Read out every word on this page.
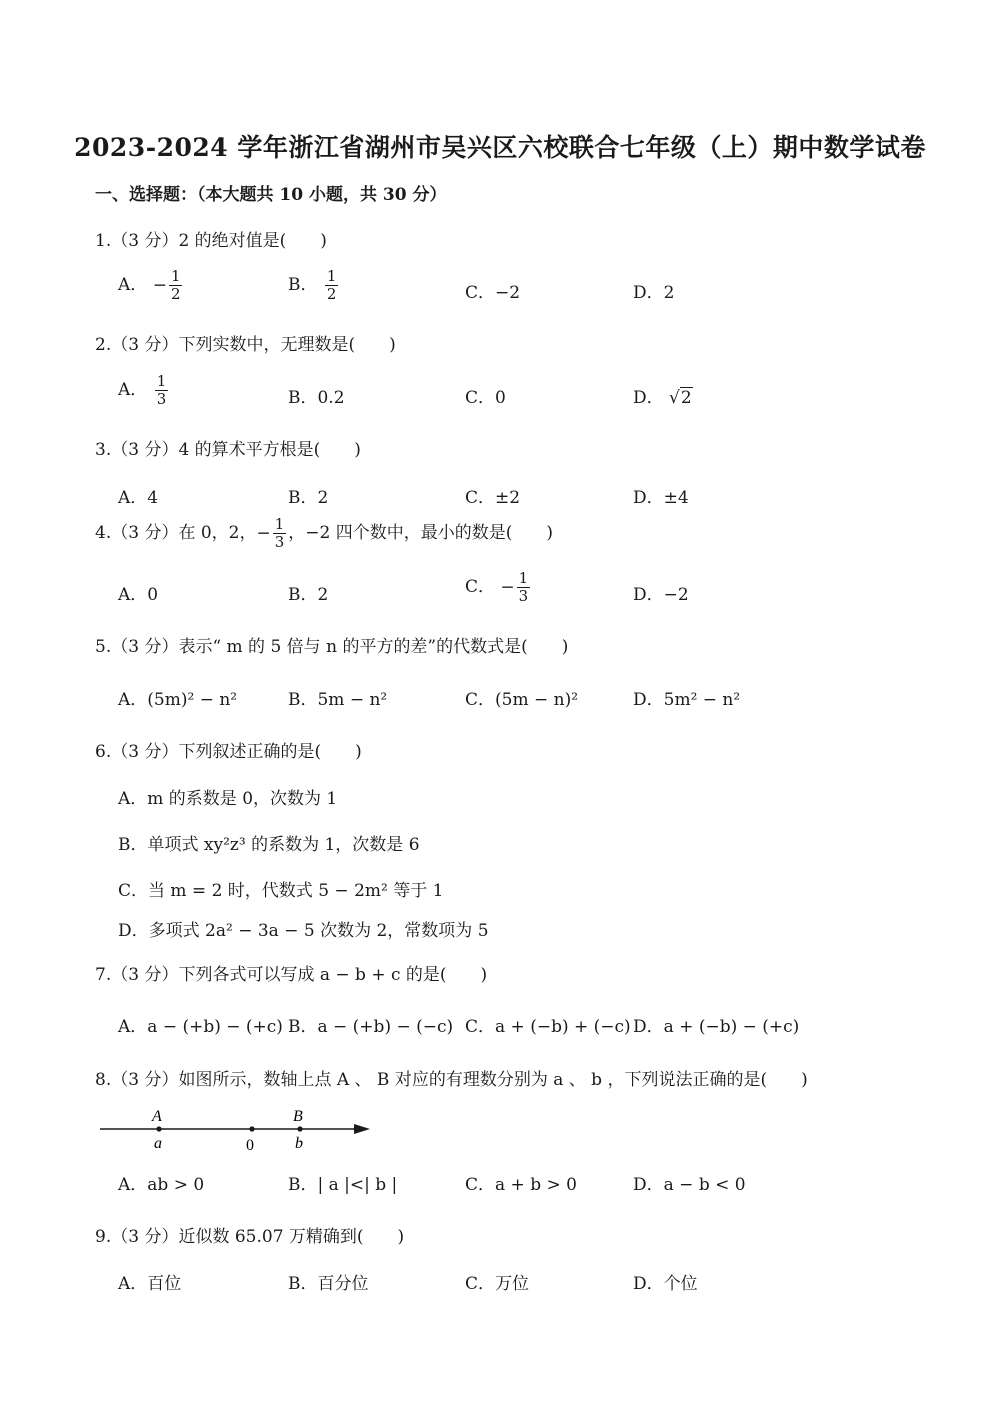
2023-2024 学年浙江省湖州市吴兴区六校联合七年级（上）期中数学试卷
一、选择题：（本大题共 10 小题，共 30 分）
1.（3 分）2 的绝对值是(　　)
A． − $\frac{1}{2}$	B． $\frac{1}{2}$	C．−2	D．2
2.（3 分）下列实数中，无理数是(　　)
A． $\frac{1}{3}$	B．0.2	C．0	D． √2
3.（3 分）4 的算术平方根是(　　)
A．4	B．2	C．±2	D．±4
4.（3 分）在 0，2，− $\frac{1}{3}$ ，−2 四个数中，最小的数是(　　)
A．0	B．2	C． − $\frac{1}{3}$	D．−2
5.（3 分）表示“ m 的 5 倍与 n 的平方的差”的代数式是(　　)
A．(5m)² − n²	B．5m − n²	C．(5m − n)²	D．5m² − n²
6.（3 分）下列叙述正确的是(　　)
A．m 的系数是 0，次数为 1
B．单项式 xy²z³ 的系数为 1，次数是 6
C．当 m = 2 时，代数式 5 − 2m² 等于 1
D．多项式 2a² − 3a − 5 次数为 2，常数项为 5
7.（3 分）下列各式可以写成 a − b + c 的是(　　)
A．a − (+b) − (+c) B．a − (+b) − (−c) C．a + (−b) + (−c) D．a + (−b) − (+c)
8.（3 分）如图所示，数轴上点 A 、 B 对应的有理数分别为 a 、 b ，下列说法正确的是(　　)
A
a	0
B
b
A．ab > 0	B．| a |<| b |	C．a + b > 0	D．a − b < 0
9.（3 分）近似数 65.07 万精确到(　　)
A．百位	B．百分位	C．万位	D．个位
